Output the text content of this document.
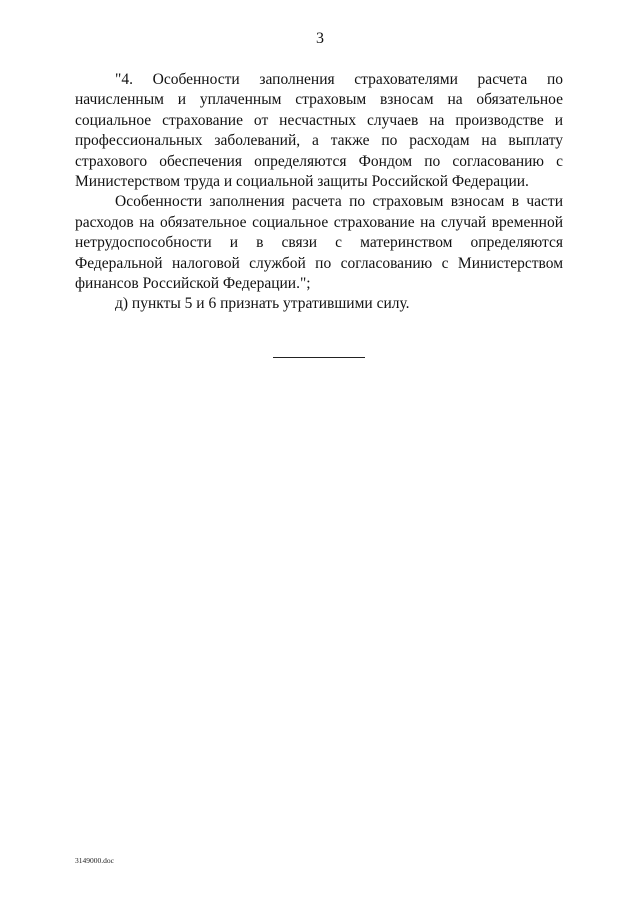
3

"4. Особенности заполнения страхователями расчета по начисленным и уплаченным страховым взносам на обязательное социальное страхование от несчастных случаев на производстве и профессиональных заболеваний, а также по расходам на выплату страхового обеспечения определяются Фондом по согласованию с Министерством труда и социальной защиты Российской Федерации.

Особенности заполнения расчета по страховым взносам в части расходов на обязательное социальное страхование на случай временной нетрудоспособности и в связи с материнством определяются Федеральной налоговой службой по согласованию с Министерством финансов Российской Федерации.";

д) пункты 5 и 6 признать утратившими силу.

3149000.doc
